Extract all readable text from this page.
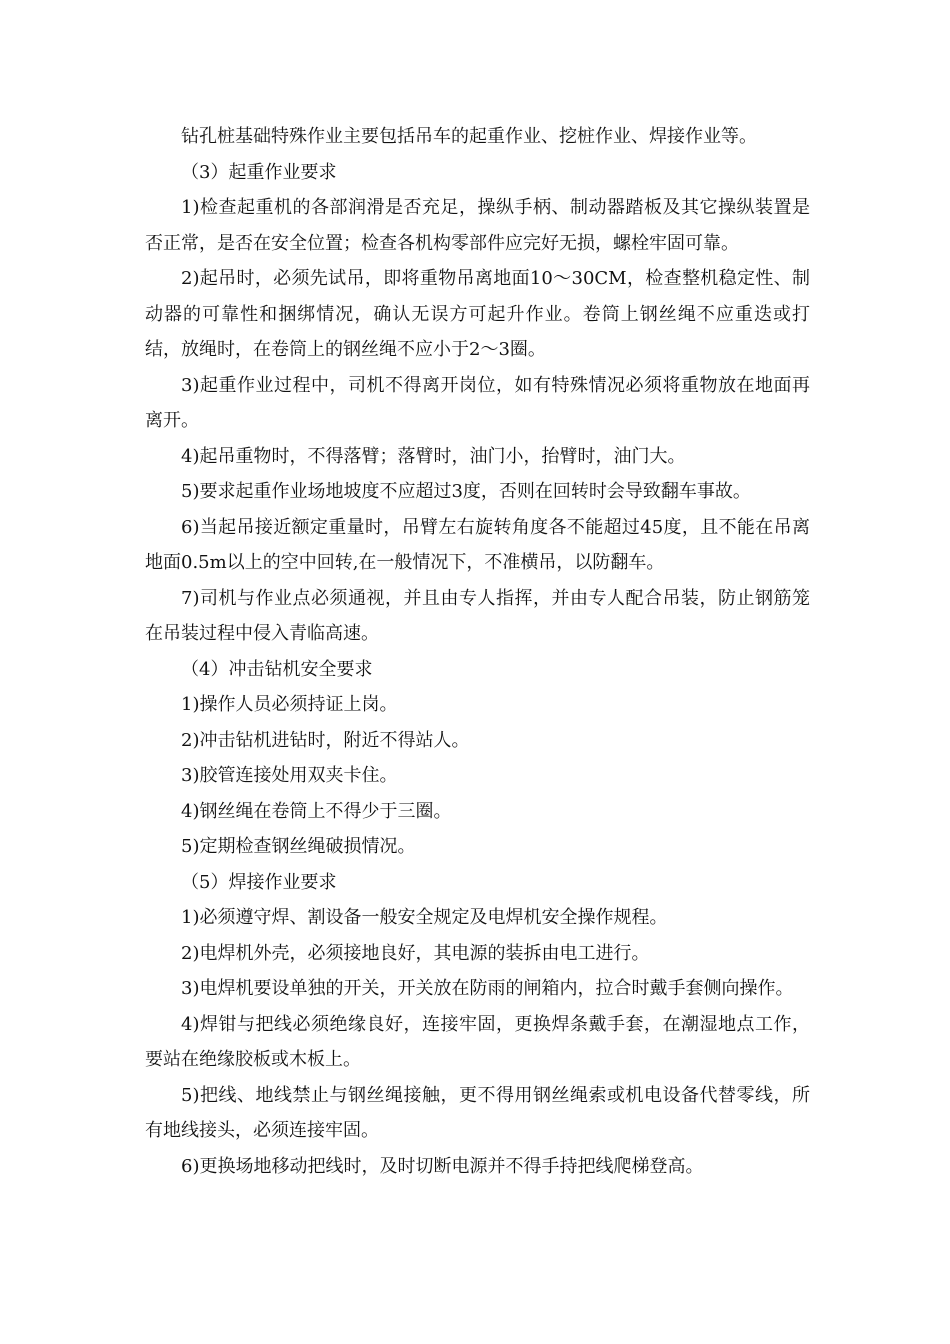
钻孔桩基础特殊作业主要包括吊车的起重作业、挖桩作业、焊接作业等。

（3）起重作业要求

1)检查起重机的各部润滑是否充足，操纵手柄、制动器踏板及其它操纵装置是否正常，是否在安全位置；检查各机构零部件应完好无损，螺栓牢固可靠。

2)起吊时，必须先试吊，即将重物吊离地面10～30CM，检查整机稳定性、制动器的可靠性和捆绑情况，确认无误方可起升作业。卷筒上钢丝绳不应重迭或打结，放绳时，在卷筒上的钢丝绳不应小于2～3圈。

3)起重作业过程中，司机不得离开岗位，如有特殊情况必须将重物放在地面再离开。

4)起吊重物时，不得落臂；落臂时，油门小，抬臂时，油门大。

5)要求起重作业场地坡度不应超过3度，否则在回转时会导致翻车事故。

6)当起吊接近额定重量时，吊臂左右旋转角度各不能超过45度，且不能在吊离地面0.5m以上的空中回转,在一般情况下，不准横吊，以防翻车。

7)司机与作业点必须通视，并且由专人指挥，并由专人配合吊装，防止钢筋笼在吊装过程中侵入青临高速。

（4）冲击钻机安全要求

1)操作人员必须持证上岗。

2)冲击钻机进钻时，附近不得站人。

3)胶管连接处用双夹卡住。

4)钢丝绳在卷筒上不得少于三圈。

5)定期检查钢丝绳破损情况。

（5）焊接作业要求

1)必须遵守焊、割设备一般安全规定及电焊机安全操作规程。

2)电焊机外壳，必须接地良好，其电源的装拆由电工进行。

3)电焊机要设单独的开关，开关放在防雨的闸箱内，拉合时戴手套侧向操作。

4)焊钳与把线必须绝缘良好，连接牢固，更换焊条戴手套，在潮湿地点工作，要站在绝缘胶板或木板上。

5)把线、地线禁止与钢丝绳接触，更不得用钢丝绳索或机电设备代替零线，所有地线接头，必须连接牢固。

6)更换场地移动把线时，及时切断电源并不得手持把线爬梯登高。
